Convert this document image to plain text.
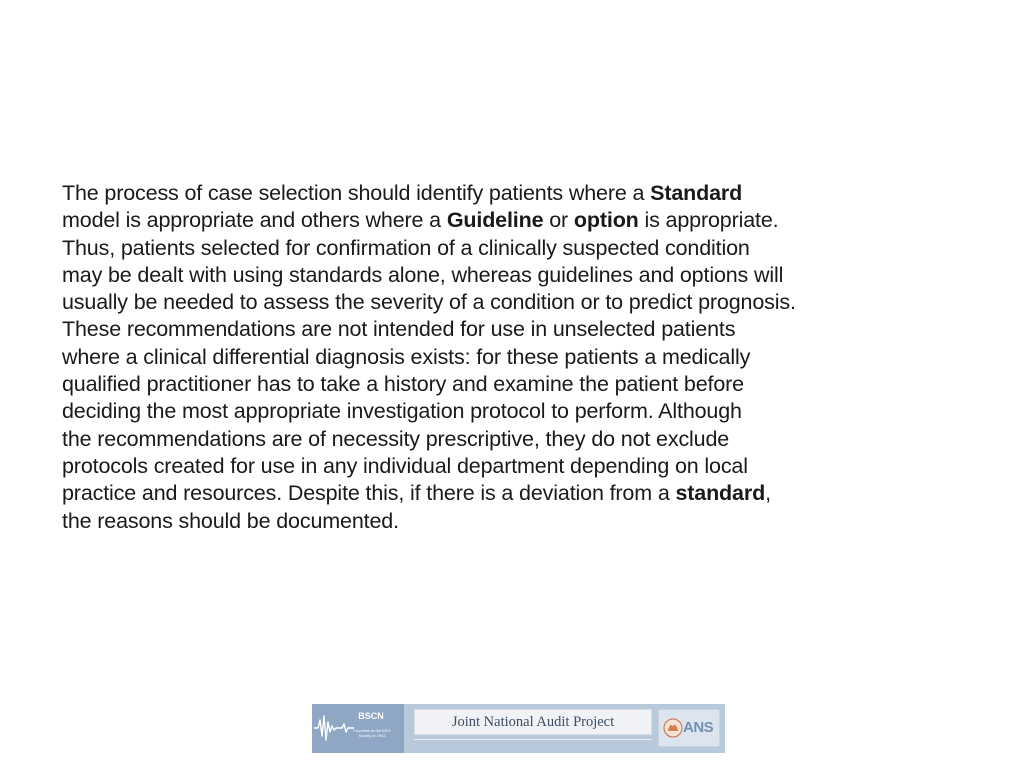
The process of case selection should identify patients where a Standard
model is appropriate and others where a Guideline or option is appropriate.
Thus, patients selected for confirmation of a clinically suspected condition
may be dealt with using standards alone, whereas guidelines and options will
usually be needed to assess the severity of a condition or to predict prognosis.
These recommendations are not intended for use in unselected patients
where a clinical differential diagnosis exists: for these patients a medically
qualified practitioner has to take a history and examine the patient before
deciding the most appropriate investigation protocol to perform. Although
the recommendations are of necessity prescriptive, they do not exclude
protocols created for use in any individual department depending on local
practice and resources. Despite this, if there is a deviation from a standard,
the reasons should be documented.
BSCN
Founded as the EEG Society in 1942
Joint National Audit Project	ANS
